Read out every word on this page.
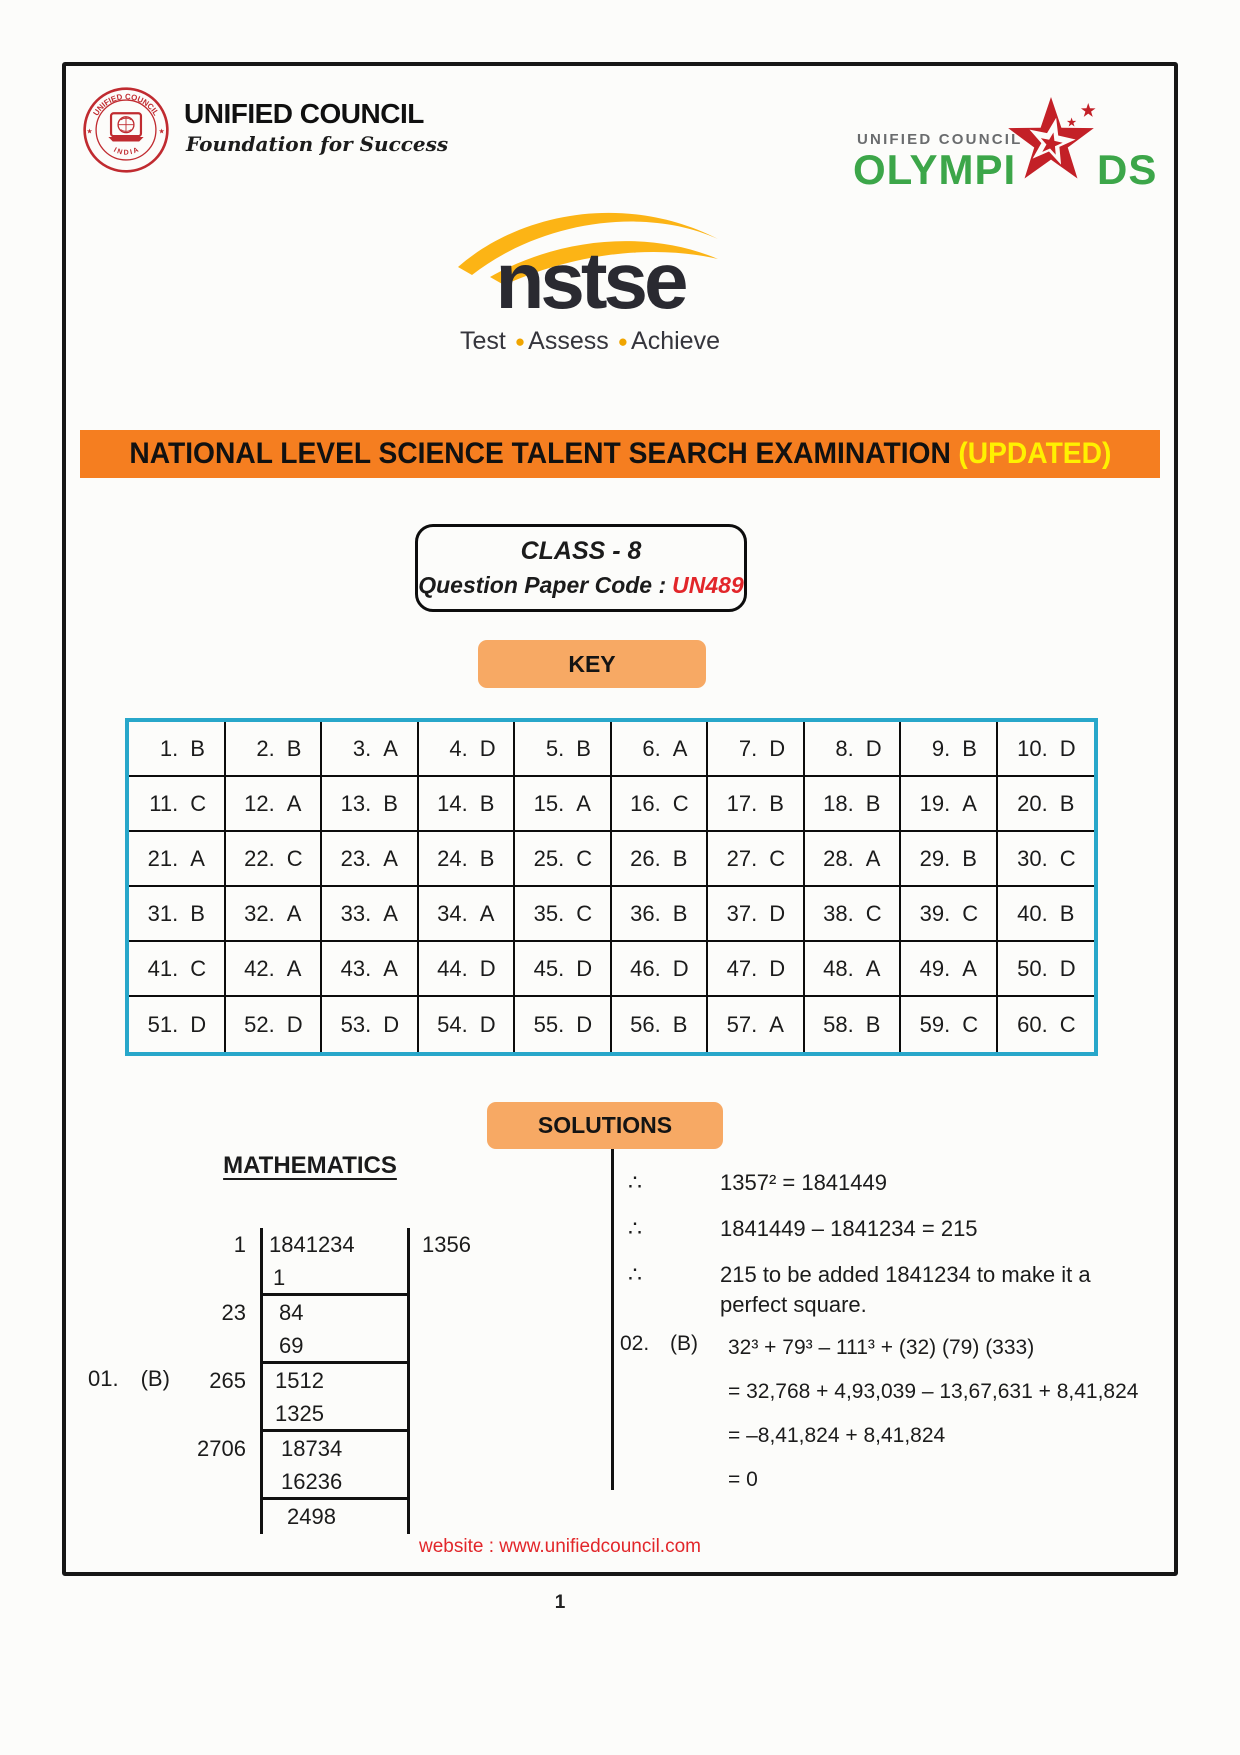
UNIFIED COUNCIL
I N D I A
★	★
UNIFIED COUNCIL
Foundation for Success	UNIFIED COUNCIL
OLYMPI DS
nstse
Test ● Assess ● Achieve
NATIONAL LEVEL SCIENCE TALENT SEARCH EXAMINATION (UPDATED)
CLASS - 8
Question Paper Code : UN489
KEY
1. B	2. B	3. A	4. D	5. B	6. A	7. D	8. D	9. B 10. D
11. C 12. A 13. B 14. B 15. A 16. C 17. B 18. B 19. A 20. B
21. A 22. C 23. A 24. B 25. C 26. B 27. C 28. A 29. B 30. C
31. B 32. A 33. A 34. A 35. C 36. B 37. D 38. C 39. C 40. B
41. C 42. A 43. A 44. D 45. D 46. D 47. D 48. A 49. A 50. D
51. D 52. D 53. D 54. D 55. D 56. B 57. A 58. B 59. C 60. C
SOLUTIONS
MATHEMATICS
01. (B)
1	1841234	1356
1
23	84
69
265	1512
1325
2706	18734
16236
2498
∴	1357² = 1841449
∴	1841449 – 1841234 = 215
∴	215 to be added 1841234 to make it a perfect square.
02. (B)	32³ + 79³ – 111³ + (32) (79) (333)
= 32,768 + 4,93,039 – 13,67,631 + 8,41,824
= –8,41,824 + 8,41,824
= 0
website : www.unifiedcouncil.com
1
